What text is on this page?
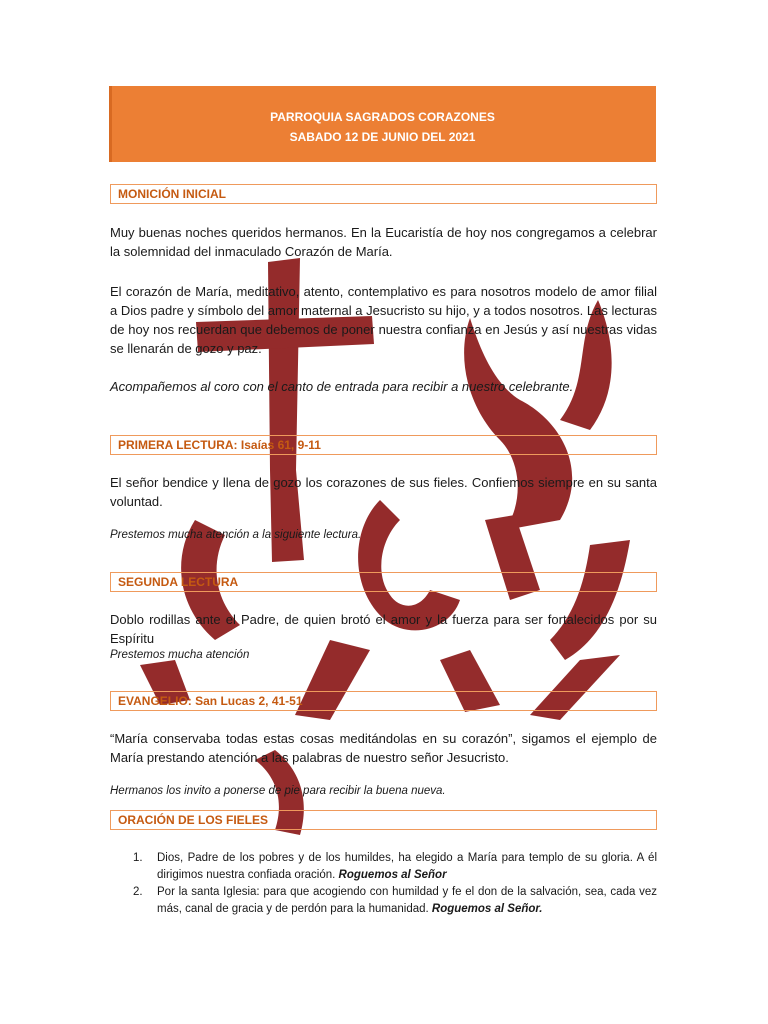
PARROQUIA SAGRADOS CORAZONES
SABADO 12 DE JUNIO DEL 2021
MONICIÓN INICIAL
Muy buenas noches queridos hermanos. En la Eucaristía de hoy nos congregamos a celebrar la solemnidad del inmaculado Corazón de María.
El corazón de María, meditativo, atento, contemplativo es para nosotros modelo de amor filial a Dios padre y símbolo del amor maternal a Jesucristo su hijo, y a todos nosotros. Las lecturas de hoy nos recuerdan que debemos de poner nuestra confianza en Jesús y así nuestras vidas se llenarán de gozo y paz.
Acompañemos al coro con el canto de entrada para recibir a nuestro celebrante.
PRIMERA LECTURA: Isaías 61, 9-11
El señor bendice y llena de gozo los corazones de sus fieles. Confiemos siempre en su santa voluntad.
Prestemos mucha atención a la siguiente lectura.
SEGUNDA LECTURA
Doblo rodillas ante el Padre, de quien brotó el amor y la fuerza para ser fortalecidos por su Espíritu
Prestemos mucha atención
EVANGELIO: San Lucas 2, 41-51
“María conservaba todas estas cosas meditándolas en su corazón”, sigamos el ejemplo de María prestando atención a las palabras de nuestro señor Jesucristo.
Hermanos los invito a ponerse de pie para recibir la buena nueva.
ORACIÓN DE LOS FIELES
1. Dios, Padre de los pobres y de los humildes, ha elegido a María para templo de su gloria. A él dirigimos nuestra confiada oración. Roguemos al Señor
2. Por la santa Iglesia: para que acogiendo con humildad y fe el don de la salvación, sea, cada vez más, canal de gracia y de perdón para la humanidad. Roguemos al Señor.
